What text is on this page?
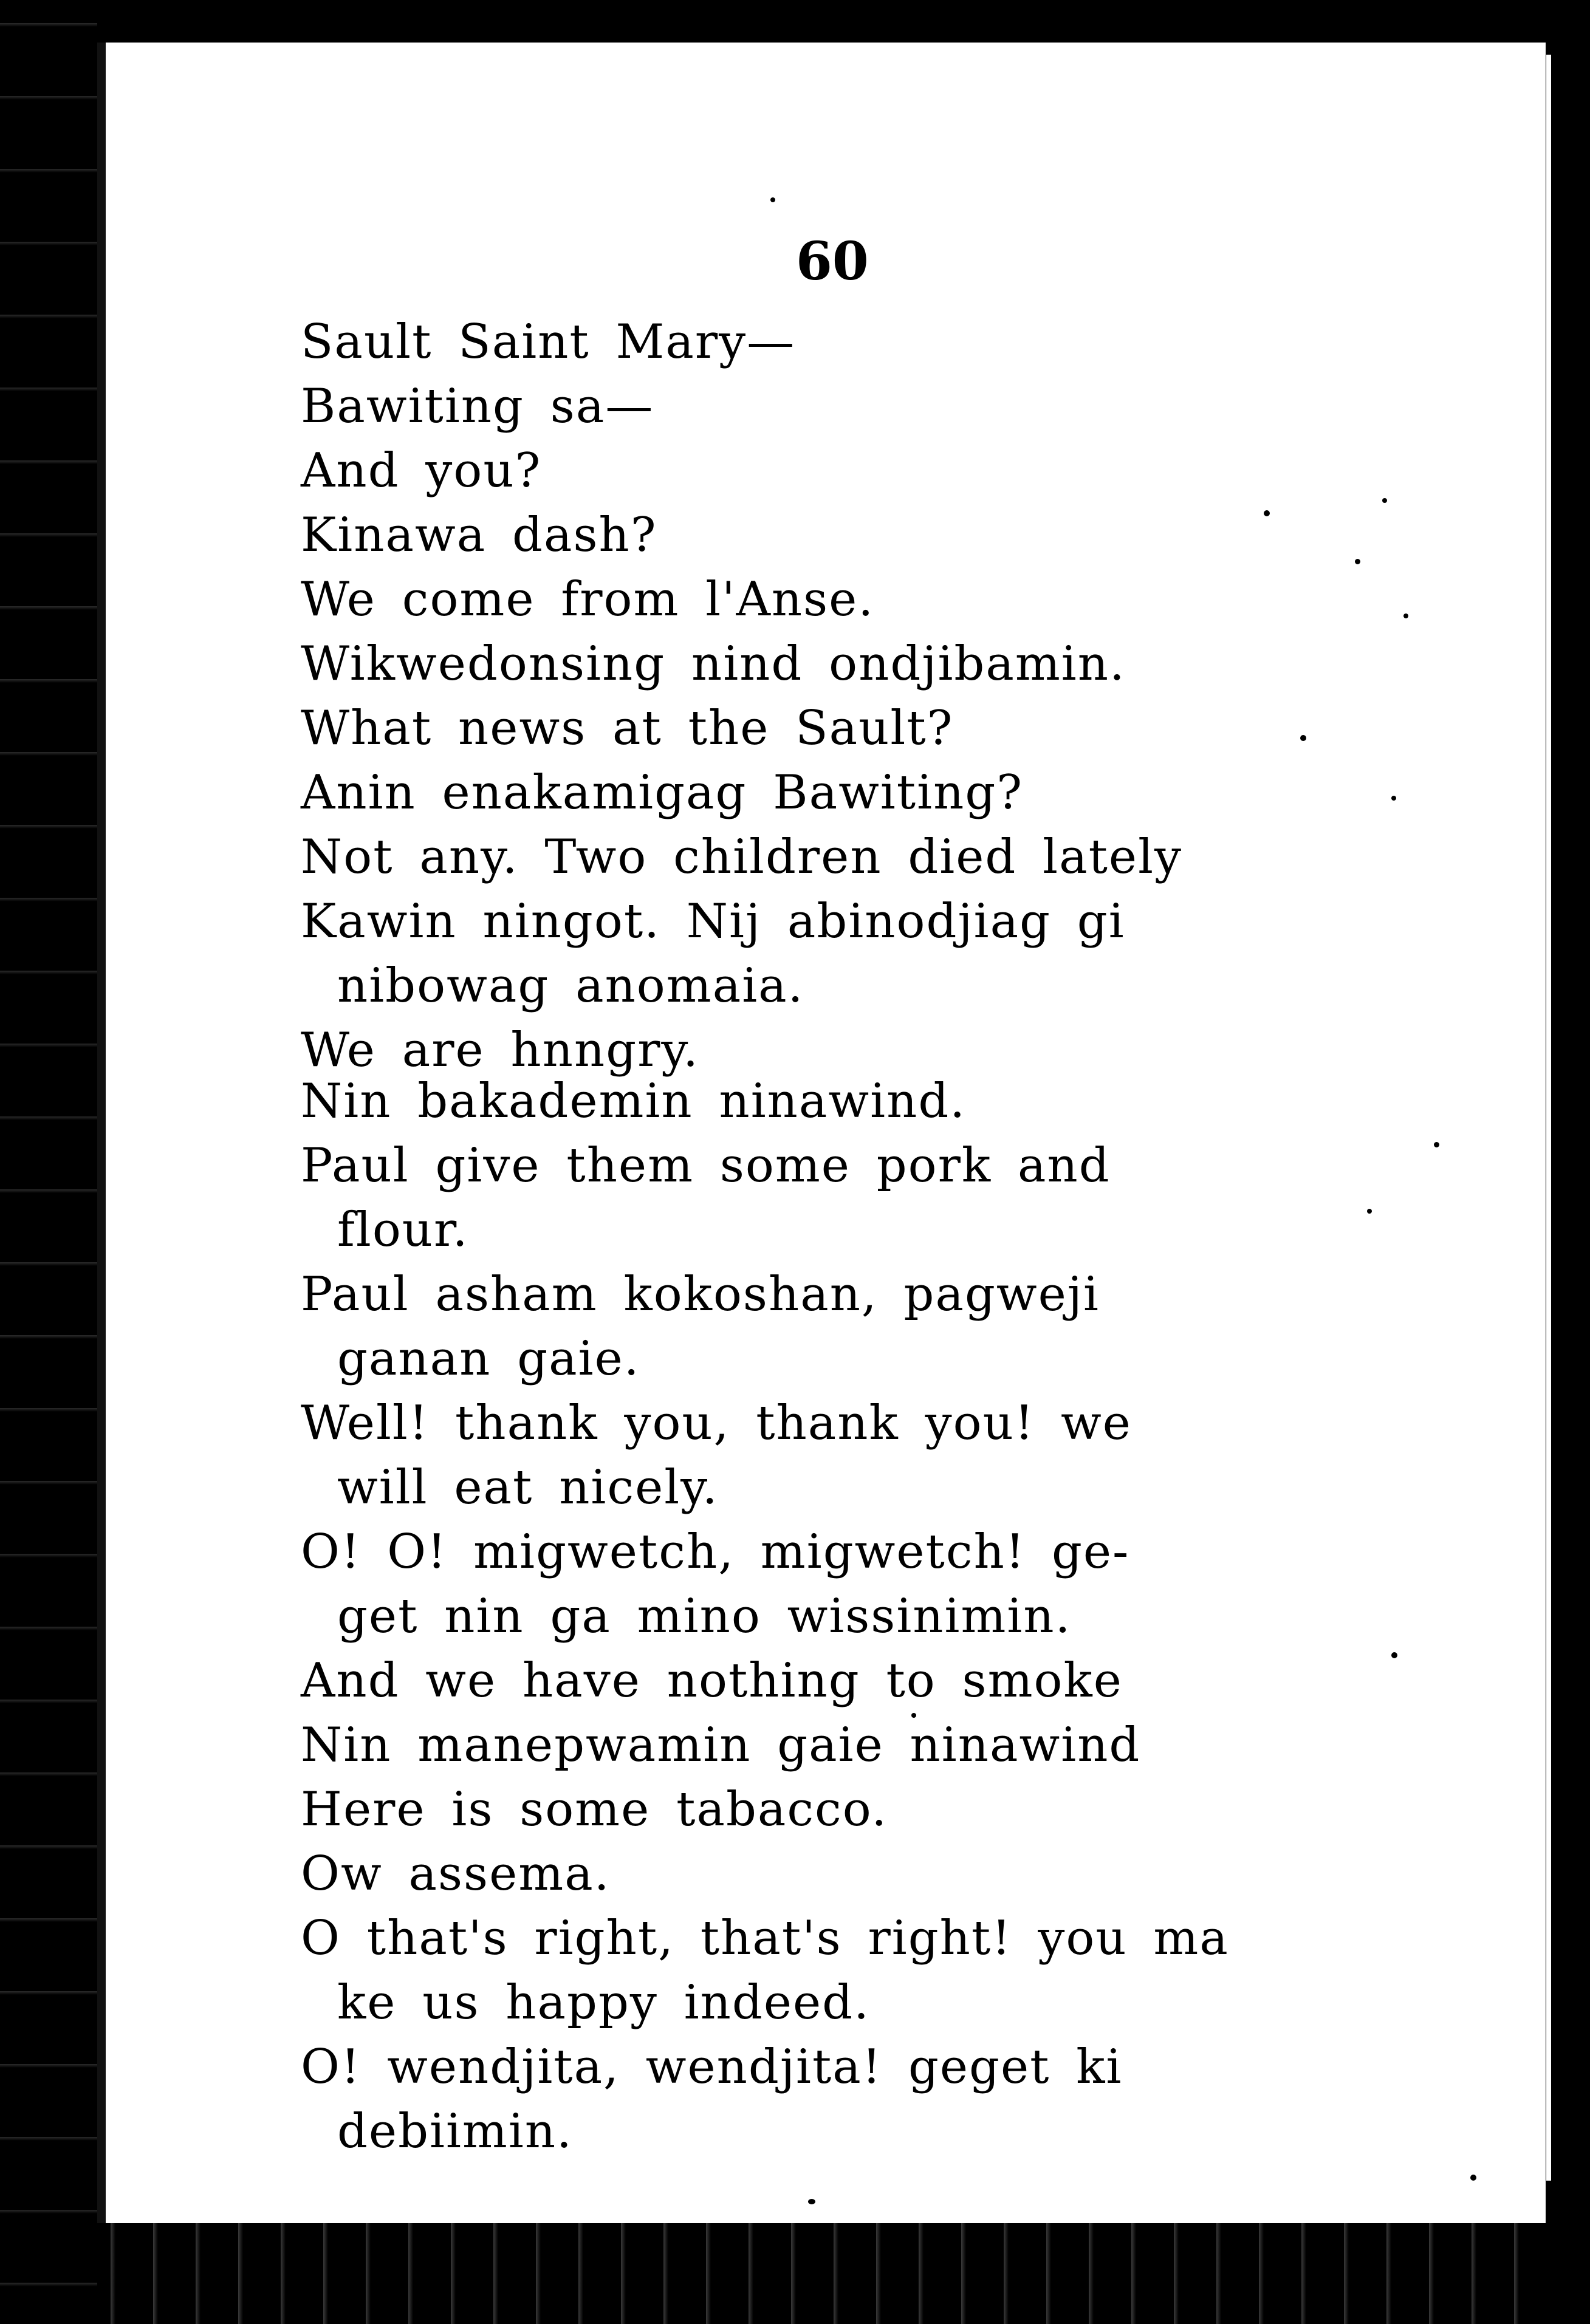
60
Sault Saint Mary—
Bawiting sa—
And you?
Kinawa dash?
We come from l'Anse.
Wikwedonsing nind ondjibamin.
What news at the Sault?
Anin enakamigag Bawiting?
Not any. Two children died lately
Kawin ningot. Nij abinodjiag gi
nibowag anomaia.
We are hnngry.
Nin bakademin ninawind.
Paul give them some pork and
flour.
Paul asham kokoshan, pagweji
ganan gaie.
Well! thank you, thank you! we
will eat nicely.
O! O! migwetch, migwetch! ge-
get nin ga mino wissinimin.
And we have nothing to smoke
Nin manepwamin gaie ninawind
Here is some tabacco.
Ow assema.
O that's right, that's right! you ma
ke us happy indeed.
O! wendjita, wendjita! geget ki
debiimin.
